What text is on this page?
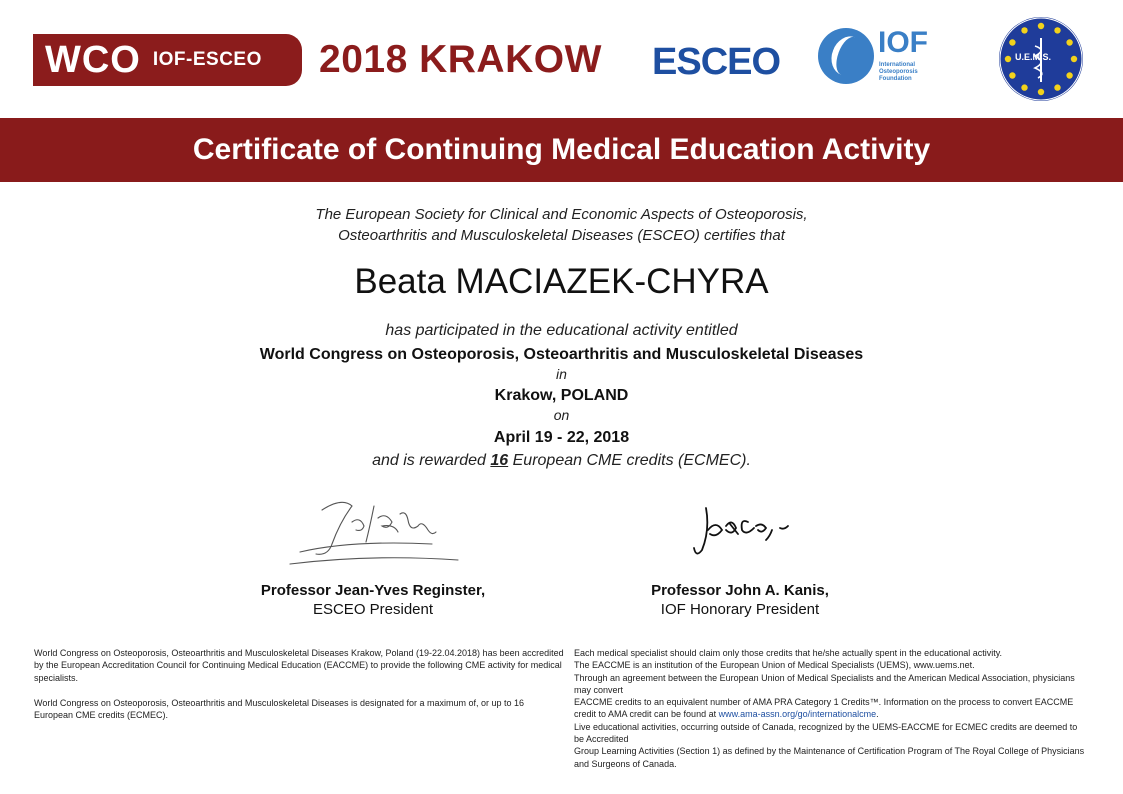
WCO IOF-ESCEO 2018 KRAKOW ESCEO	IOF
International Osteoporosis Foundation
U.E.M.S.
Certificate of Continuing Medical Education Activity
The European Society for Clinical and Economic Aspects of Osteoporosis,
Osteoarthritis and Musculoskeletal Diseases (ESCEO) certifies that
Beata MACIAZEK-CHYRA
has participated in the educational activity entitled
World Congress on Osteoporosis, Osteoarthritis and Musculoskeletal Diseases
in
Krakow, POLAND
on
April 19 - 22, 2018
and is rewarded 16 European CME credits (ECMEC).
Professor Jean-Yves Reginster,
ESCEO President
Professor John A. Kanis,
IOF Honorary President

World Congress on Osteoporosis, Osteoarthritis and Musculoskeletal Diseases Krakow, Poland (19-22.04.2018) has been accredited by the European Accreditation Council for Continuing Medical Education (EACCME) to provide the following CME activity for medical specialists.

World Congress on Osteoporosis, Osteoarthritis and Musculoskeletal Diseases is designated for a maximum of, or up to 16 European CME credits (ECMEC).

Each medical specialist should claim only those credits that he/she actually spent in the educational activity.

The EACCME is an institution of the European Union of Medical Specialists (UEMS), www.uems.net.

Through an agreement between the European Union of Medical Specialists and the American Medical Association, physicians may convert

EACCME credits to an equivalent number of AMA PRA Category 1 Credits™. Information on the process to convert EACCME credit to AMA credit can be found at www.ama-assn.org/go/internationalcme.

Live educational activities, occurring outside of Canada, recognized by the UEMS-EACCME for ECMEC credits are deemed to be Accredited

Group Learning Activities (Section 1) as defined by the Maintenance of Certification Program of The Royal College of Physicians and Surgeons of Canada.
